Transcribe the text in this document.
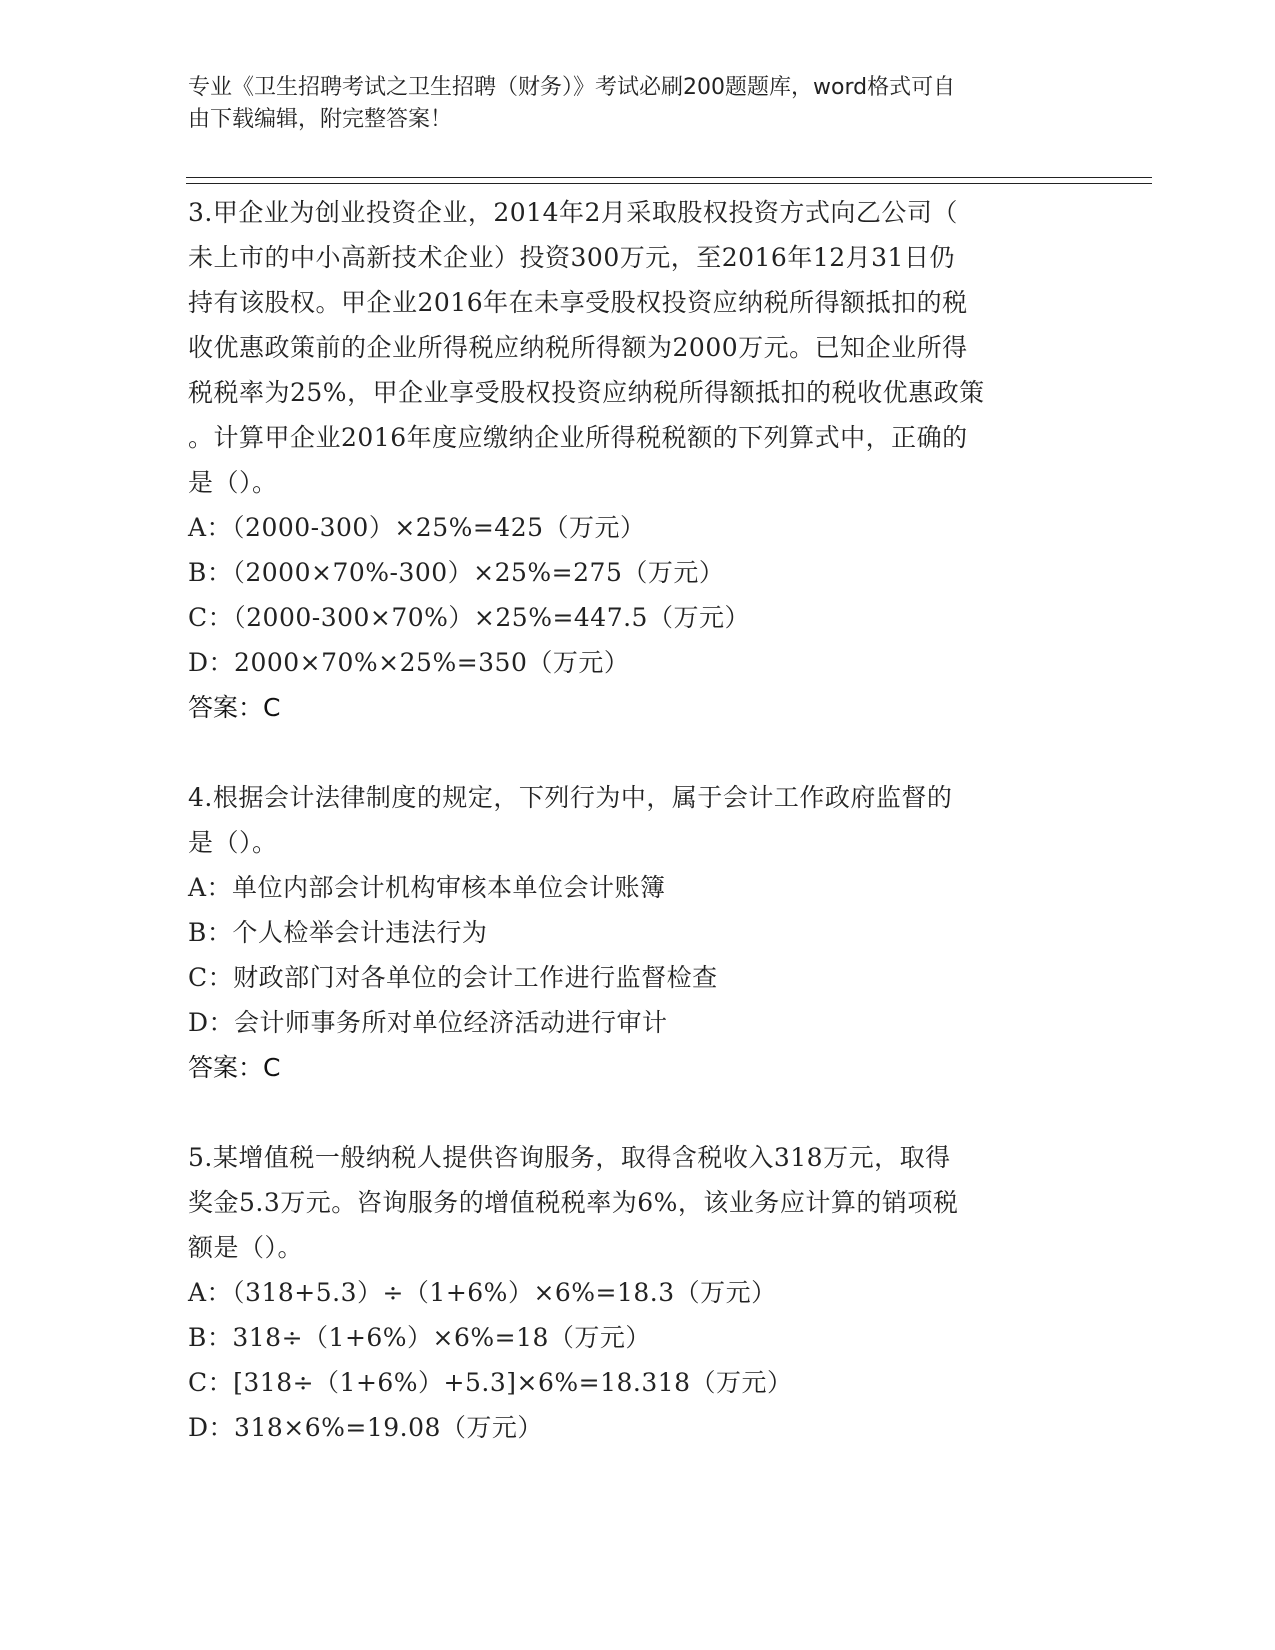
专业《卫生招聘考试之卫生招聘（财务）》考试必刷200题题库，word格式可自
由下载编辑，附完整答案！
3.甲企业为创业投资企业，2014年2月采取股权投资方式向乙公司（
未上市的中小高新技术企业）投资300万元，至2016年12月31日仍
持有该股权。甲企业2016年在未享受股权投资应纳税所得额抵扣的税
收优惠政策前的企业所得税应纳税所得额为2000万元。已知企业所得
税税率为25%，甲企业享受股权投资应纳税所得额抵扣的税收优惠政策
。计算甲企业2016年度应缴纳企业所得税税额的下列算式中，正确的
是（）。
A：（2000-300）×25%=425（万元）
B：（2000×70%-300）×25%=275（万元）
C：（2000-300×70%）×25%=447.5（万元）
D：2000×70%×25%=350（万元）
答案：C
4.根据会计法律制度的规定，下列行为中，属于会计工作政府监督的
是（）。
A：单位内部会计机构审核本单位会计账簿
B：个人检举会计违法行为
C：财政部门对各单位的会计工作进行监督检查
D：会计师事务所对单位经济活动进行审计
答案：C
5.某增值税一般纳税人提供咨询服务，取得含税收入318万元，取得
奖金5.3万元。咨询服务的增值税税率为6%，该业务应计算的销项税
额是（）。
A：（318+5.3）÷（1+6%）×6%=18.3（万元）
B：318÷（1+6%）×6%=18（万元）
C：[318÷（1+6%）+5.3]×6%=18.318（万元）
D：318×6%=19.08（万元）
